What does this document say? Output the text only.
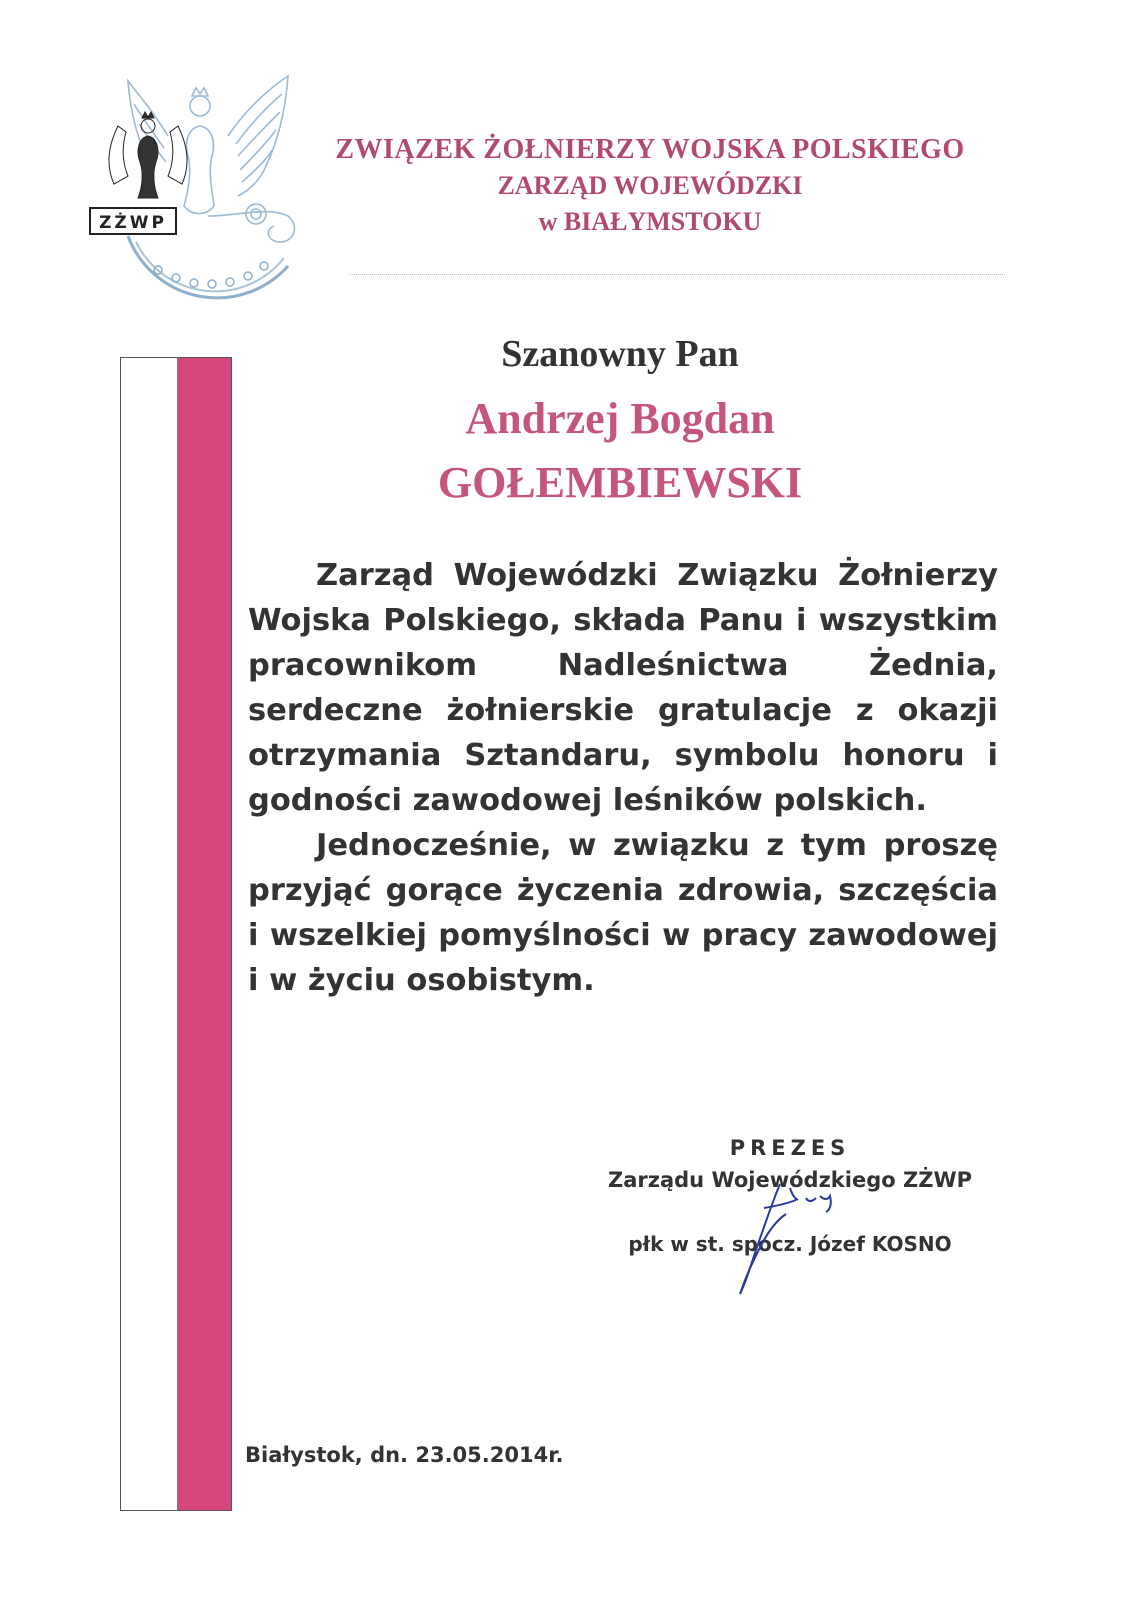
ZŻWP
ZWIĄZEK ŻOŁNIERZY WOJSKA POLSKIEGO
ZARZĄD WOJEWÓDZKI
w BIAŁYMSTOKU
Szanowny Pan
Andrzej Bogdan
GOŁEMBIEWSKI

Zarząd Wojewódzki Związku Żołnierzy Wojska Polskiego, składa Panu i wszystkim pracownikom Nadleśnictwa Żednia, serdeczne żołnierskie gratulacje z okazji otrzymania Sztandaru, symbolu honoru i godności zawodowej leśników polskich.

Jednocześnie, w związku z tym proszę przyjąć gorące życzenia zdrowia, szczęścia i wszelkiej pomyślności w pracy zawodowej i w życiu osobistym.

PREZES
Zarządu Wojewódzkiego ZŻWP
płk w st. spocz. Józef KOSNO
Białystok, dn. 23.05.2014r.
